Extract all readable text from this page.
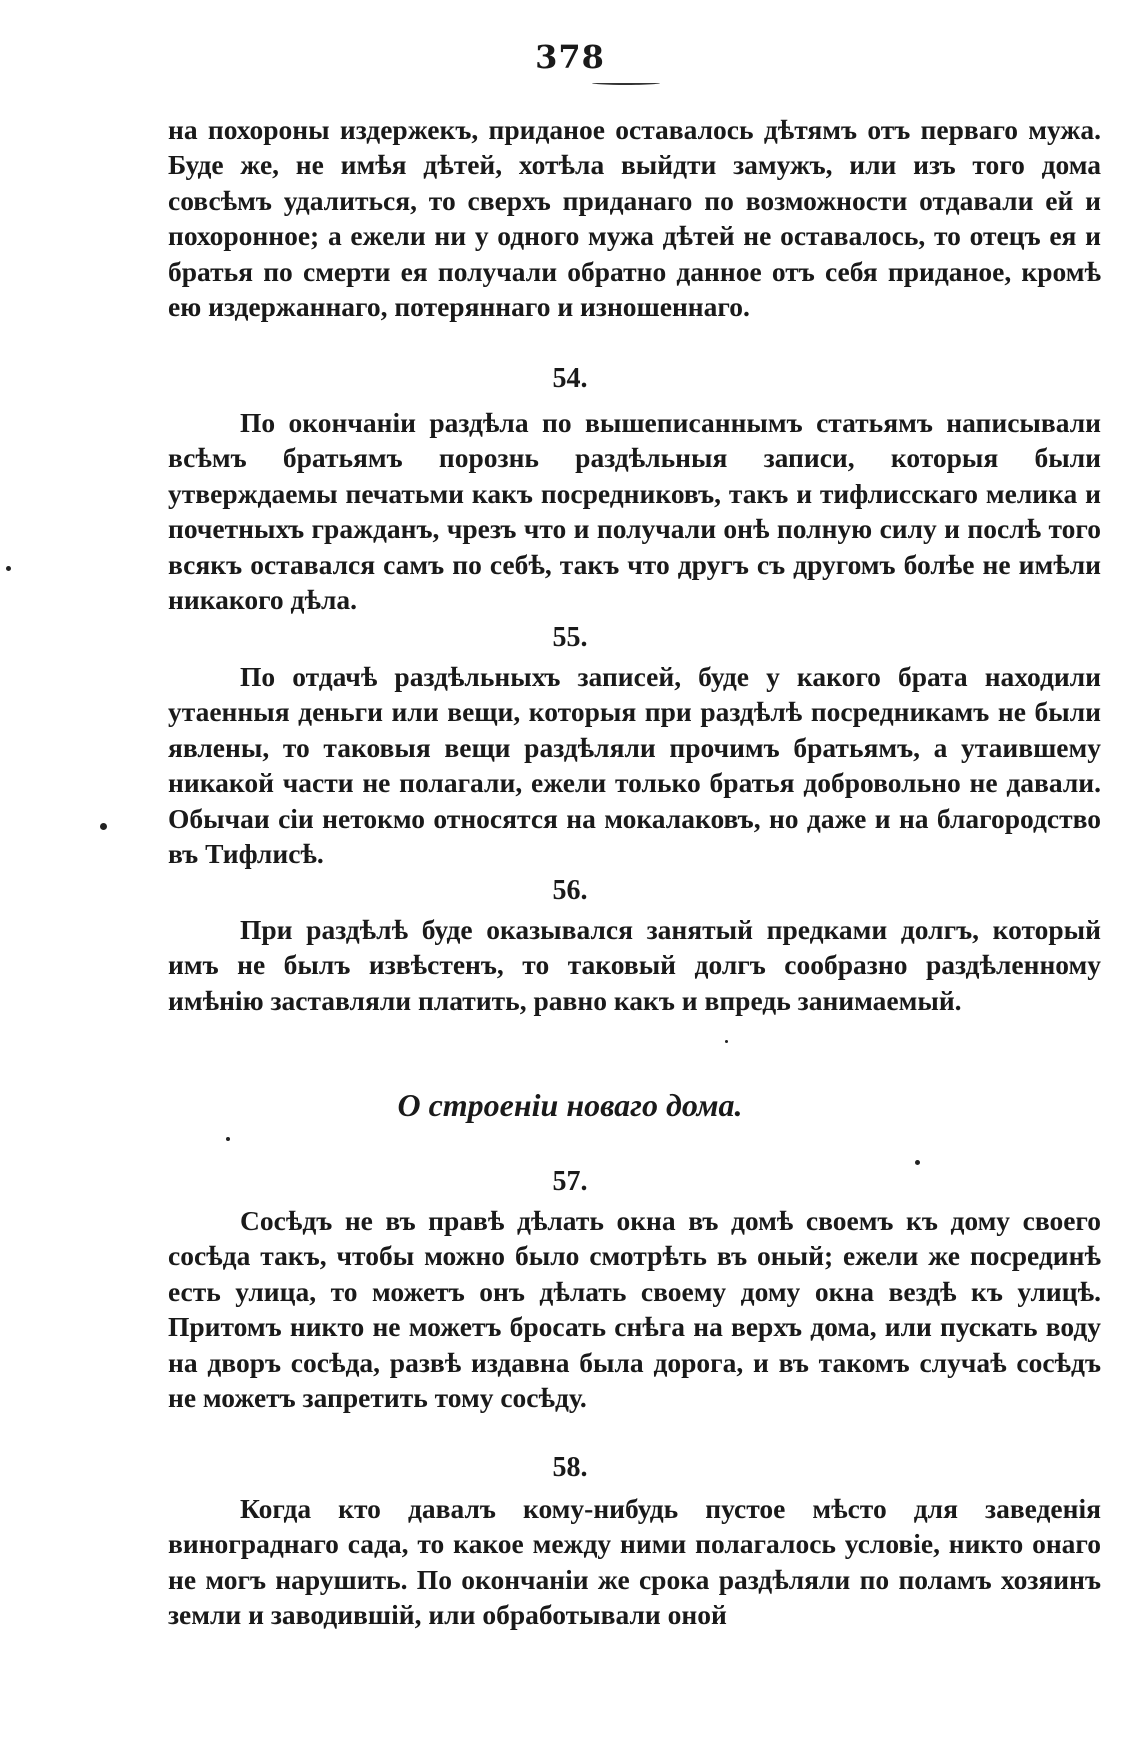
378
на похороны издержекъ, приданое оставалось дѣтямъ отъ перваго мужа. Буде же, не имѣя дѣтей, хотѣла выйдти замужъ, или изъ того дома совсѣмъ удалиться, то сверхъ приданаго по возможности отдавали ей и похоронное; а ежели ни у одного мужа дѣтей не оставалось, то отецъ ея и братья по смерти ея получали обратно данное отъ себя приданое, кромѣ ею издержаннаго, потеряннаго и изношеннаго.
54.
По окончаніи раздѣла по вышеписаннымъ статьямъ написывали всѣмъ братьямъ порознь раздѣльныя записи, которыя были утверждаемы печатьми какъ посредниковъ, такъ и тифлисскаго мелика и почетныхъ гражданъ, чрезъ что и получали онѣ полную силу и послѣ того всякъ оставался самъ по себѣ, такъ что другъ съ другомъ болѣе не имѣли никакого дѣла.
55.
По отдачѣ раздѣльныхъ записей, буде у какого брата находили утаенныя деньги или вещи, которыя при раздѣлѣ посредникамъ не были явлены, то таковыя вещи раздѣляли прочимъ братьямъ, а утаившему никакой части не полагали, ежели только братья добровольно не давали. Обычаи сіи нетокмо относятся на мокалаковъ, но даже и на благородство въ Тифлисѣ.
56.
При раздѣлѣ буде оказывался занятый предками долгъ, который имъ не былъ извѣстенъ, то таковый долгъ сообразно раздѣленному имѣнію заставляли платить, равно какъ и впредь занимаемый.
О строеніи новаго дома.
57.
Сосѣдъ не въ правѣ дѣлать окна въ домѣ своемъ къ дому своего сосѣда такъ, чтобы можно было смотрѣть въ оный; ежели же посрединѣ есть улица, то можетъ онъ дѣлать своему дому окна вездѣ къ улицѣ. Притомъ никто не можетъ бросать снѣга на верхъ дома, или пускать воду на дворъ сосѣда, развѣ издавна была дорога, и въ такомъ случаѣ сосѣдъ не можетъ запретить тому сосѣду.
58.
Когда кто давалъ кому-нибудь пустое мѣсто для заведенія винограднаго сада, то какое между ними полагалось условіе, никто онаго не могъ нарушить. По окончаніи же срока раздѣляли по поламъ хозяинъ земли и заводившій, или обработывали оной
